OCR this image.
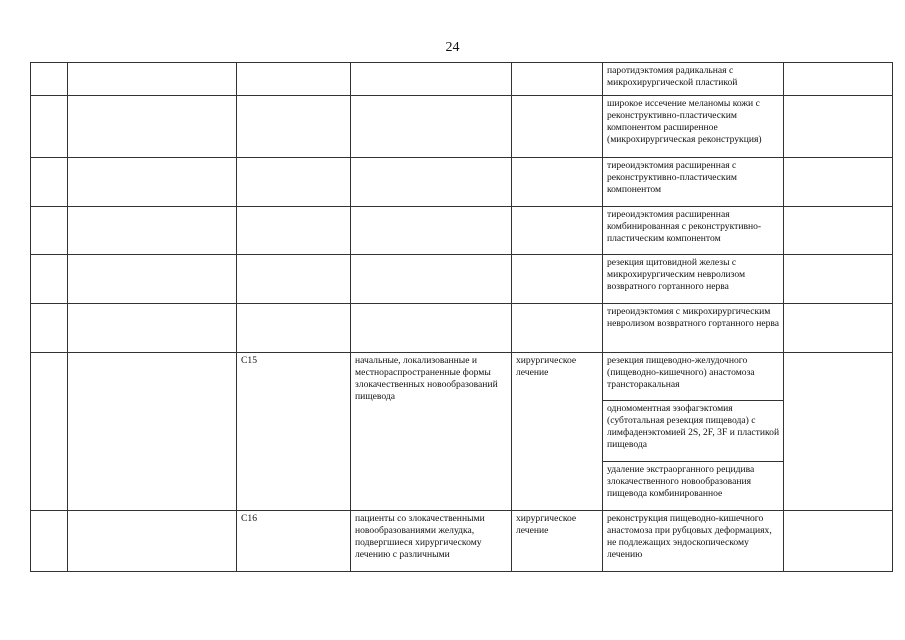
24

					паротидэктомия радикальная с микрохирургической пластикой	

					широкое иссечение меланомы кожи с реконструктивно-пластическим компонентом расширенное (микрохирургическая реконструкция)	

					тиреоидэктомия расширенная с реконструктивно-пластическим компонентом	

					тиреоидэктомия расширенная комбинированная с реконструктивно-пластическим компонентом	

					резекция щитовидной железы с микрохирургическим невролизом возвратного гортанного нерва	

					тиреоидэктомия с микрохирургическим невролизом возвратного гортанного нерва	

		C15	начальные, локализованные и местнораспространенные формы злокачественных новообразований пищевода	хирургическое лечение	резекция пищеводно-желудочного (пищеводно-кишечного) анастомоза трансторакальная	

					одномоментная эзофагэктомия (субтотальная резекция пищевода) с лимфаденэктомией 2S, 2F, 3F и пластикой пищевода	

					удаление экстраорганного рецидива злокачественного новообразования пищевода комбинированное	

		C16	пациенты со злокачественными новообразованиями желудка, подвергшиеся хирургическому лечению с различными	хирургическое лечение	реконструкция пищеводно-кишечного анастомоза при рубцовых деформациях, не подлежащих эндоскопическому лечению	
